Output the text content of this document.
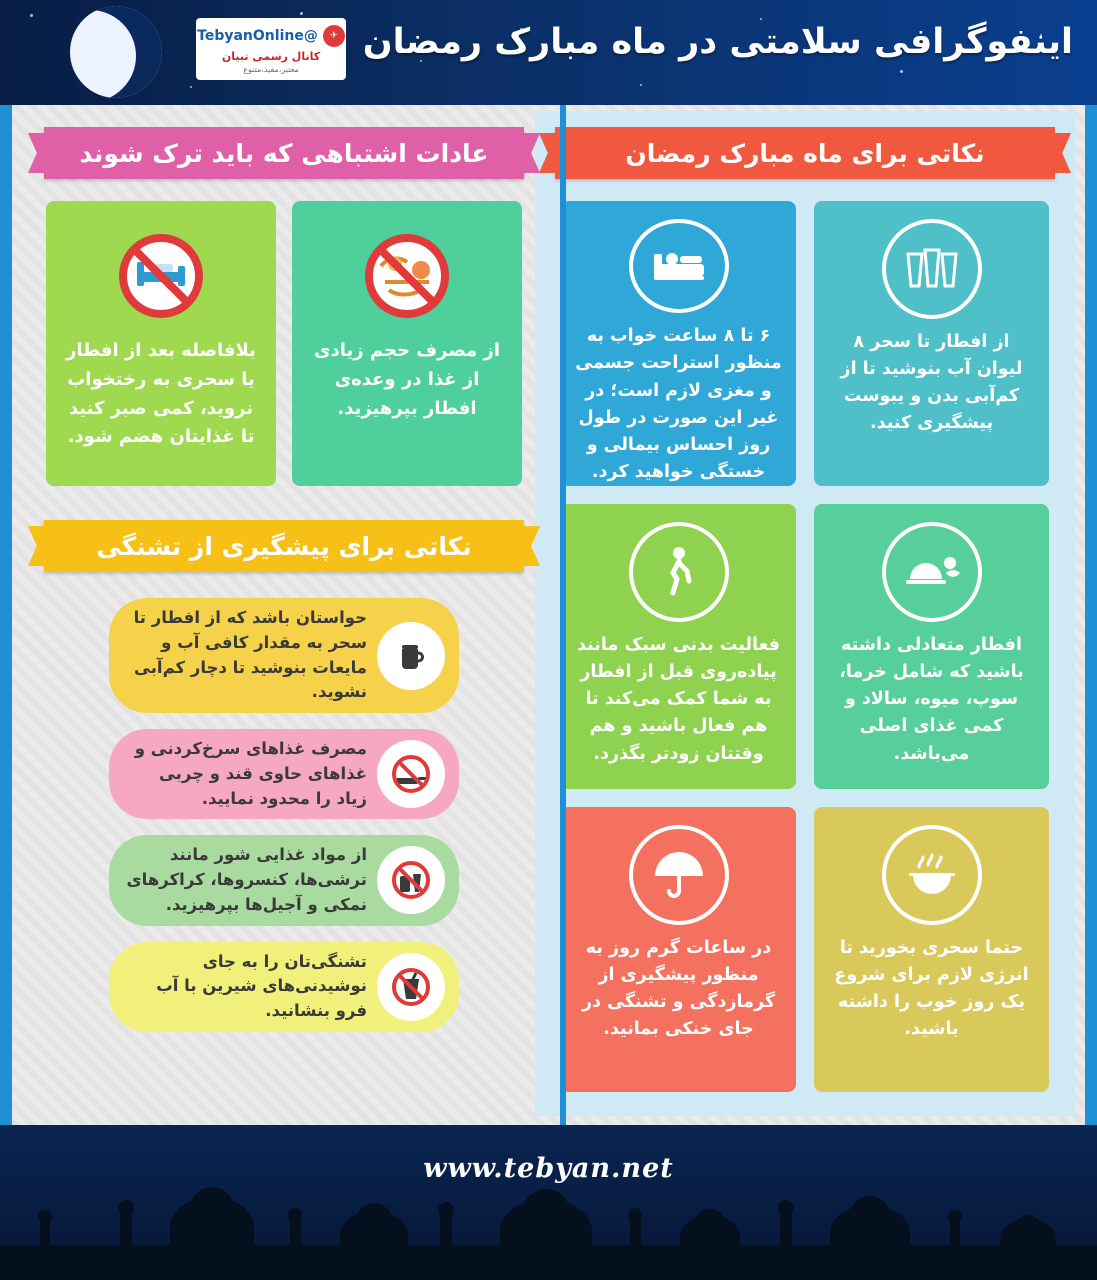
✈
@TebyanOnline
کانال رسمی تبیان
معتبر،مفید،متنوع
اینفوگرافی سلامتی در ماه مبارک رمضان
نکاتی برای ماه مبارک رمضان
از افطار تا سحر ۸ لیوان آب بنوشید تا از کم‌آبی بدن و یبوست پیشگیری کنید.
۶ تا ۸ ساعت خواب به منظور استراحت جسمی و مغزی لازم است؛ در غیر این صورت در طول روز احساس بیمالی و خستگی خواهید کرد.
افطار متعادلی داشته باشید که شامل خرما، سوپ، میوه، سالاد و کمی غذای اصلی می‌باشد.
فعالیت بدنی سبک مانند پیاده‌روی قبل از افطار به شما کمک می‌کند تا هم فعال باشید و هم وقتتان زودتر بگذرد.
حتما سحری بخورید تا انرژی لازم برای شروع یک روز خوب را داشته باشید.
در ساعات گرم روز به منظور پیشگیری از گرمازدگی و تشنگی در جای خنکی بمانید.
عادات اشتباهی که باید ترک شوند
از مصرف حجم زیادی از غذا در وعده‌ی افطار بپرهیزید.
بلافاصله بعد از افطار یا سحری به رختخواب نروید، کمی صبر کنید تا غذایتان هضم شود.
نکاتی برای پیشگیری از تشنگی
حواستان باشد که از افطار تا سحر به مقدار کافی آب و مایعات بنوشید تا دچار کم‌آبی نشوید.
مصرف غذاهای سرخ‌کردنی و غذاهای حاوی قند و چربی زیاد را محدود نمایید.
از مواد غذایی شور مانند ترشی‌ها، کنسروها، کراکرهای نمکی و آجیل‌ها بپرهیزید.
تشنگی‌تان را به جای نوشیدنی‌های شیرین با آب فرو بنشانید.
www.tebyan.net
